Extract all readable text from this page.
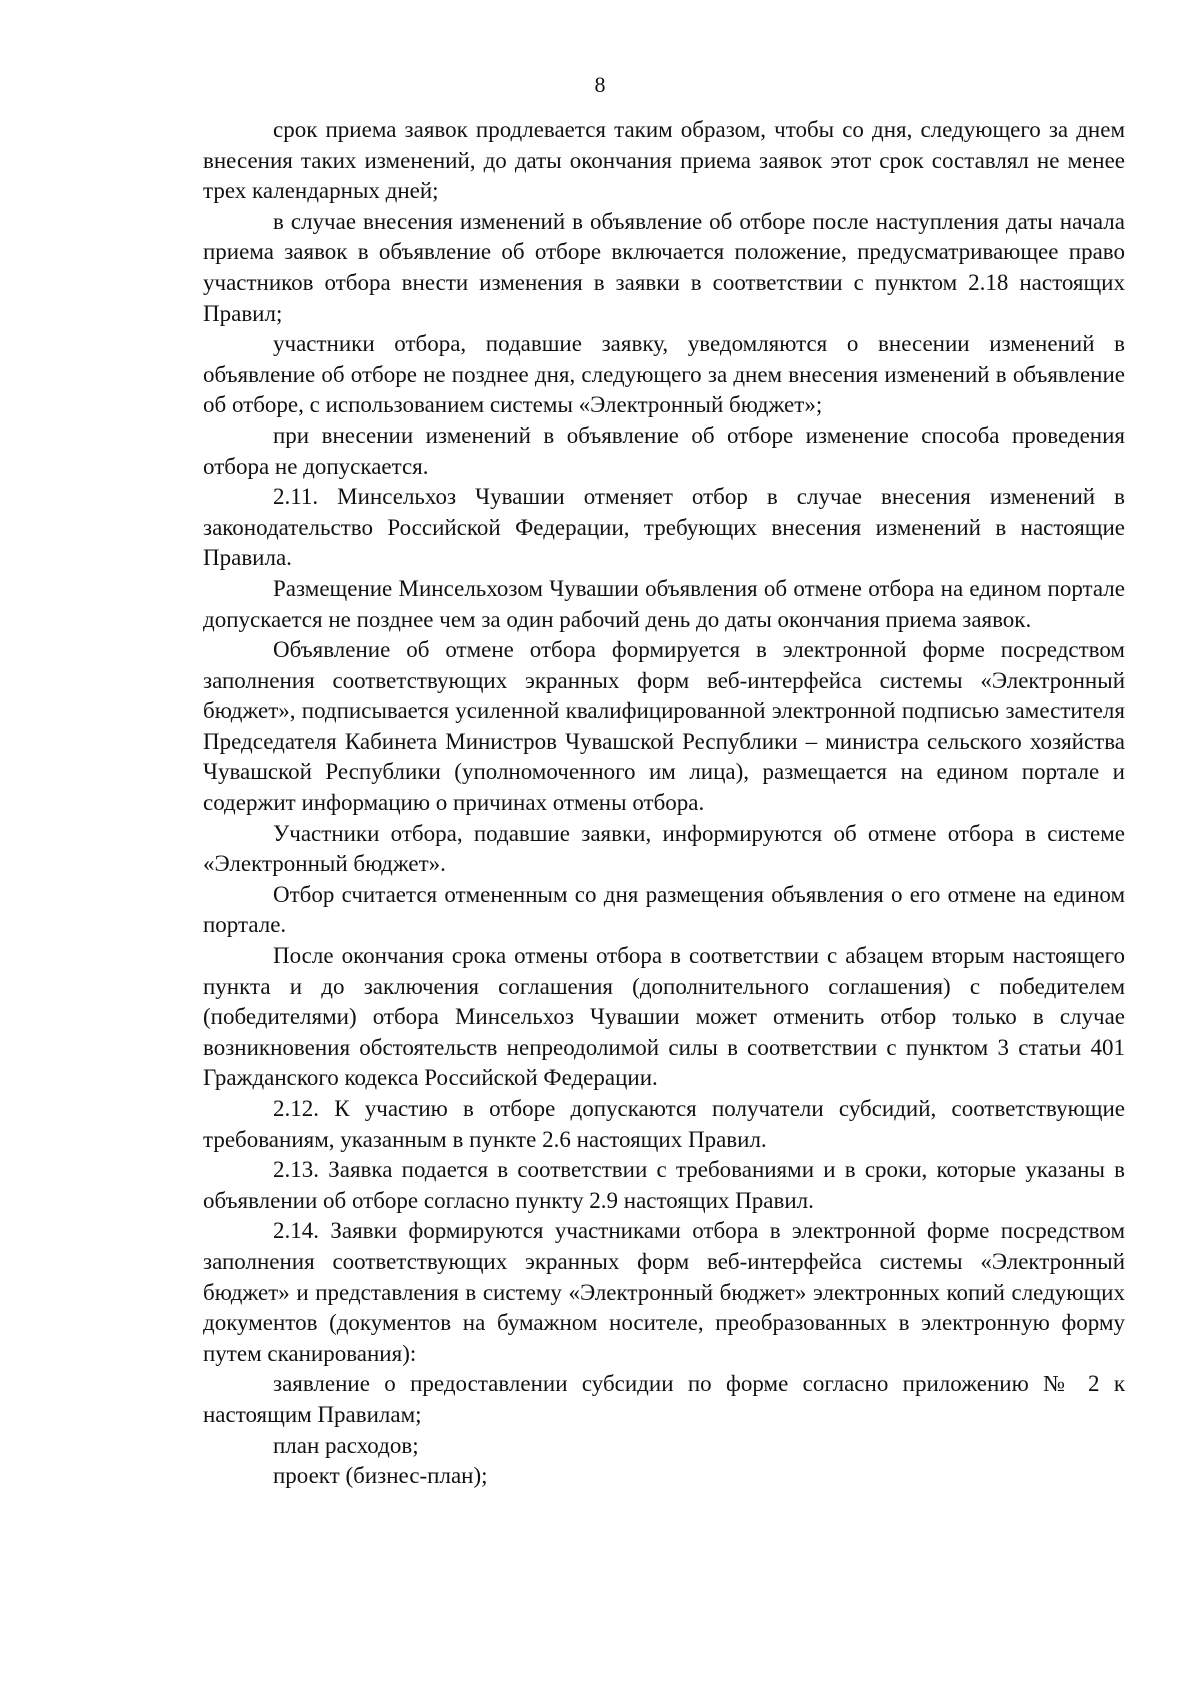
8

срок приема заявок продлевается таким образом, чтобы со дня, следующего за днем внесения таких изменений, до даты окончания приема заявок этот срок составлял не менее трех календарных дней;

в случае внесения изменений в объявление об отборе после наступления даты начала приема заявок в объявление об отборе включается положение, предусматривающее право участников отбора внести изменения в заявки в соответствии с пунктом 2.18 настоящих Правил;

участники отбора, подавшие заявку, уведомляются о внесении изменений в объявление об отборе не позднее дня, следующего за днем внесения изменений в объявление об отборе, с использованием системы «Электронный бюджет»;

при внесении изменений в объявление об отборе изменение способа проведения отбора не допускается.

2.11. Минсельхоз Чувашии отменяет отбор в случае внесения изменений в законодательство Российской Федерации, требующих внесения изменений в настоящие Правила.

Размещение Минсельхозом Чувашии объявления об отмене отбора на едином портале допускается не позднее чем за один рабочий день до даты окончания приема заявок.

Объявление об отмене отбора формируется в электронной форме посредством заполнения соответствующих экранных форм веб-интерфейса системы «Электронный бюджет», подписывается усиленной квалифицированной электронной подписью заместителя Председателя Кабинета Министров Чувашской Республики – министра сельского хозяйства Чувашской Республики (уполномоченного им лица), размещается на едином портале и содержит информацию о причинах отмены отбора.

Участники отбора, подавшие заявки, информируются об отмене отбора в системе «Электронный бюджет».

Отбор считается отмененным со дня размещения объявления о его отмене на едином портале.

После окончания срока отмены отбора в соответствии с абзацем вторым настоящего пункта и до заключения соглашения (дополнительного соглашения) с победителем (победителями) отбора Минсельхоз Чувашии может отменить отбор только в случае возникновения обстоятельств непреодолимой силы в соответствии с пунктом 3 статьи 401 Гражданского кодекса Российской Федерации.

2.12. К участию в отборе допускаются получатели субсидий, соответствующие требованиям, указанным в пункте 2.6 настоящих Правил.

2.13. Заявка подается в соответствии с требованиями и в сроки, которые указаны в объявлении об отборе согласно пункту 2.9 настоящих Правил.

2.14. Заявки формируются участниками отбора в электронной форме посредством заполнения соответствующих экранных форм веб-интерфейса системы «Электронный бюджет» и представления в систему «Электронный бюджет» электронных копий следующих документов (документов на бумажном носителе, преобразованных в электронную форму путем сканирования):

заявление о предоставлении субсидии по форме согласно приложению № 2 к настоящим Правилам;

план расходов;

проект (бизнес-план);
